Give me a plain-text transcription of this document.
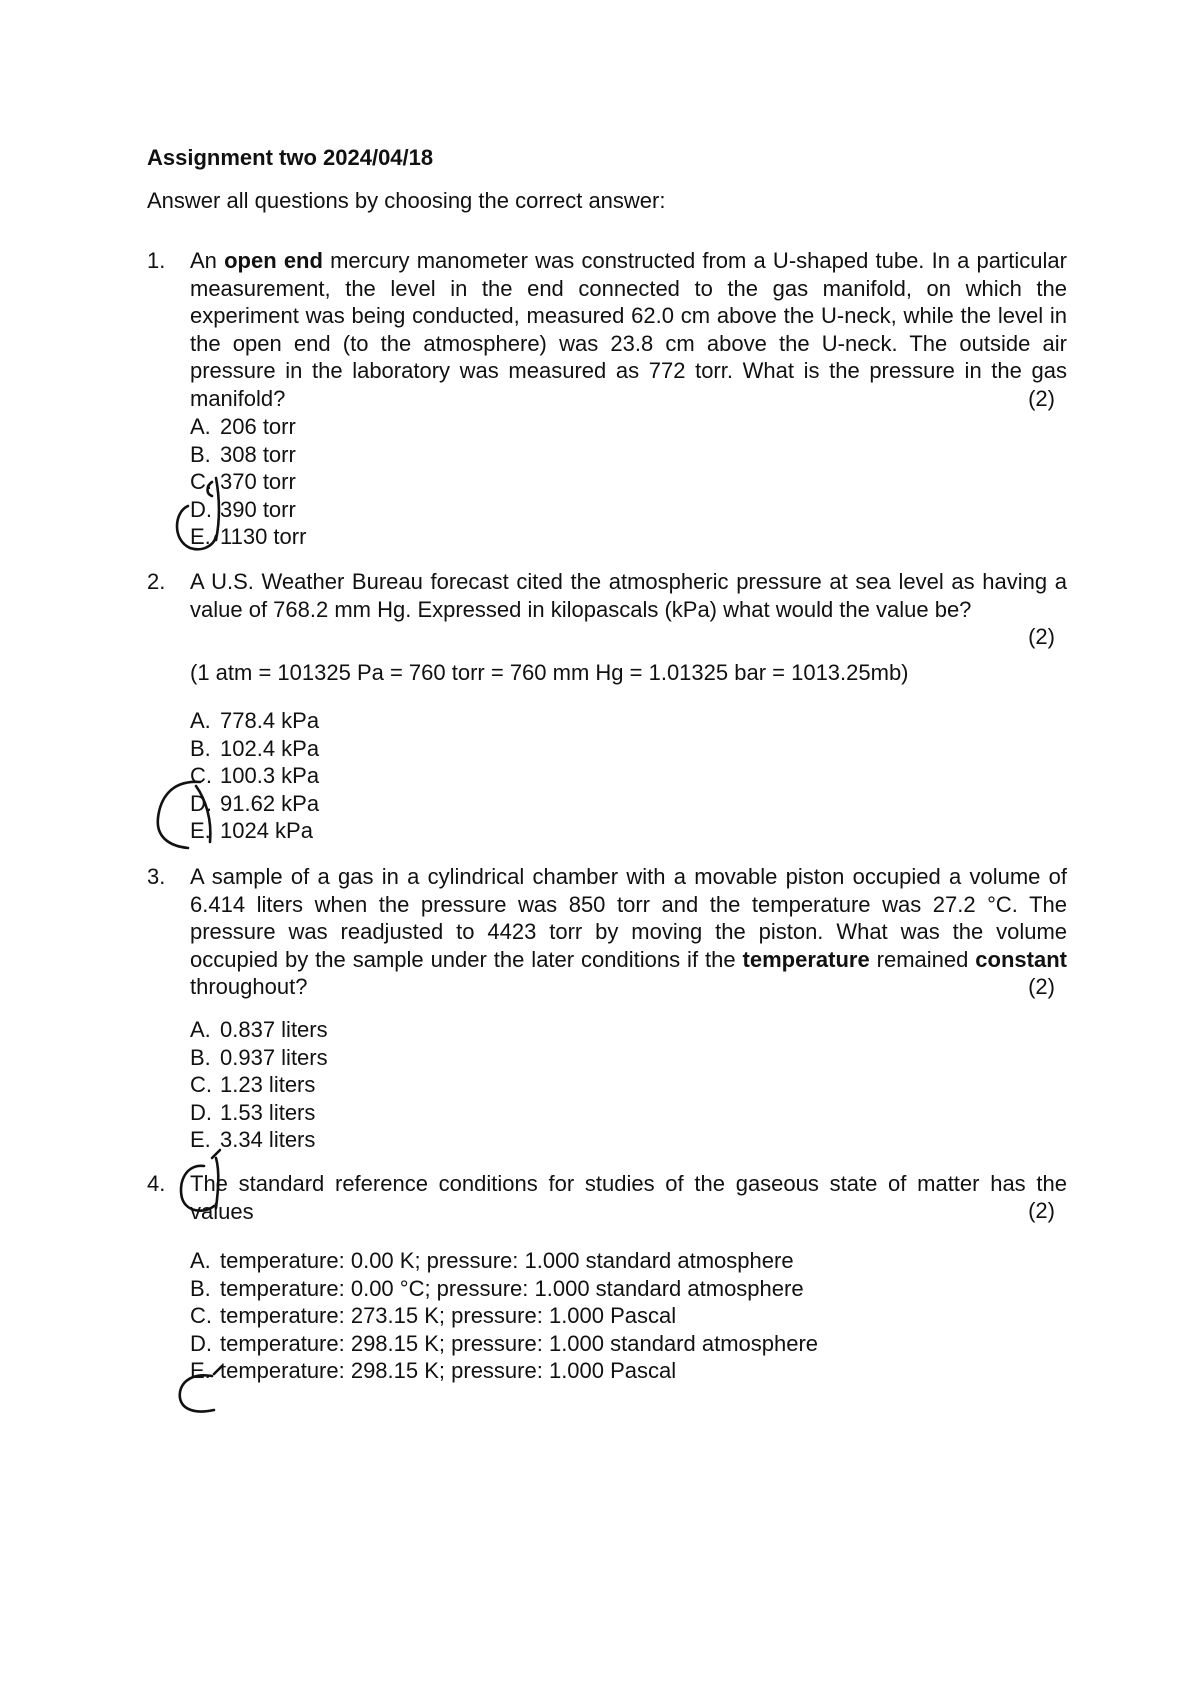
Assignment two 2024/04/18
Answer all questions by choosing the correct answer:
1. An open end mercury manometer was constructed from a U-shaped tube. In a particular measurement, the level in the end connected to the gas manifold, on which the experiment was being conducted, measured 62.0 cm above the U-neck, while the level in the open end (to the atmosphere) was 23.8 cm above the U-neck. The outside air pressure in the laboratory was measured as 772 torr. What is the pressure in the gas manifold?	(2)
A. 206 torr
B. 308 torr
C. 370 torr
D. 390 torr
E. 1130 torr
2. A U.S. Weather Bureau forecast cited the atmospheric pressure at sea level as having a value of 768.2 mm Hg. Expressed in kilopascals (kPa) what would the value be?
(2)
(1 atm = 101325 Pa = 760 torr = 760 mm Hg = 1.01325 bar = 1013.25mb)
A. 778.4 kPa
B. 102.4 kPa
C. 100.3 kPa
D. 91.62 kPa
E. 1024 kPa
3. A sample of a gas in a cylindrical chamber with a movable piston occupied a volume of 6.414 liters when the pressure was 850 torr and the temperature was 27.2 °C. The pressure was readjusted to 4423 torr by moving the piston. What was the volume occupied by the sample under the later conditions if the temperature remained constant throughout?	(2)
A. 0.837 liters
B. 0.937 liters
C. 1.23 liters
D. 1.53 liters
E. 3.34 liters
4. The standard reference conditions for studies of the gaseous state of matter has the values	(2)
A. temperature: 0.00 K; pressure: 1.000 standard atmosphere
B. temperature: 0.00 °C; pressure: 1.000 standard atmosphere
C. temperature: 273.15 K; pressure: 1.000 Pascal
D. temperature: 298.15 K; pressure: 1.000 standard atmosphere
E. temperature: 298.15 K; pressure: 1.000 Pascal
